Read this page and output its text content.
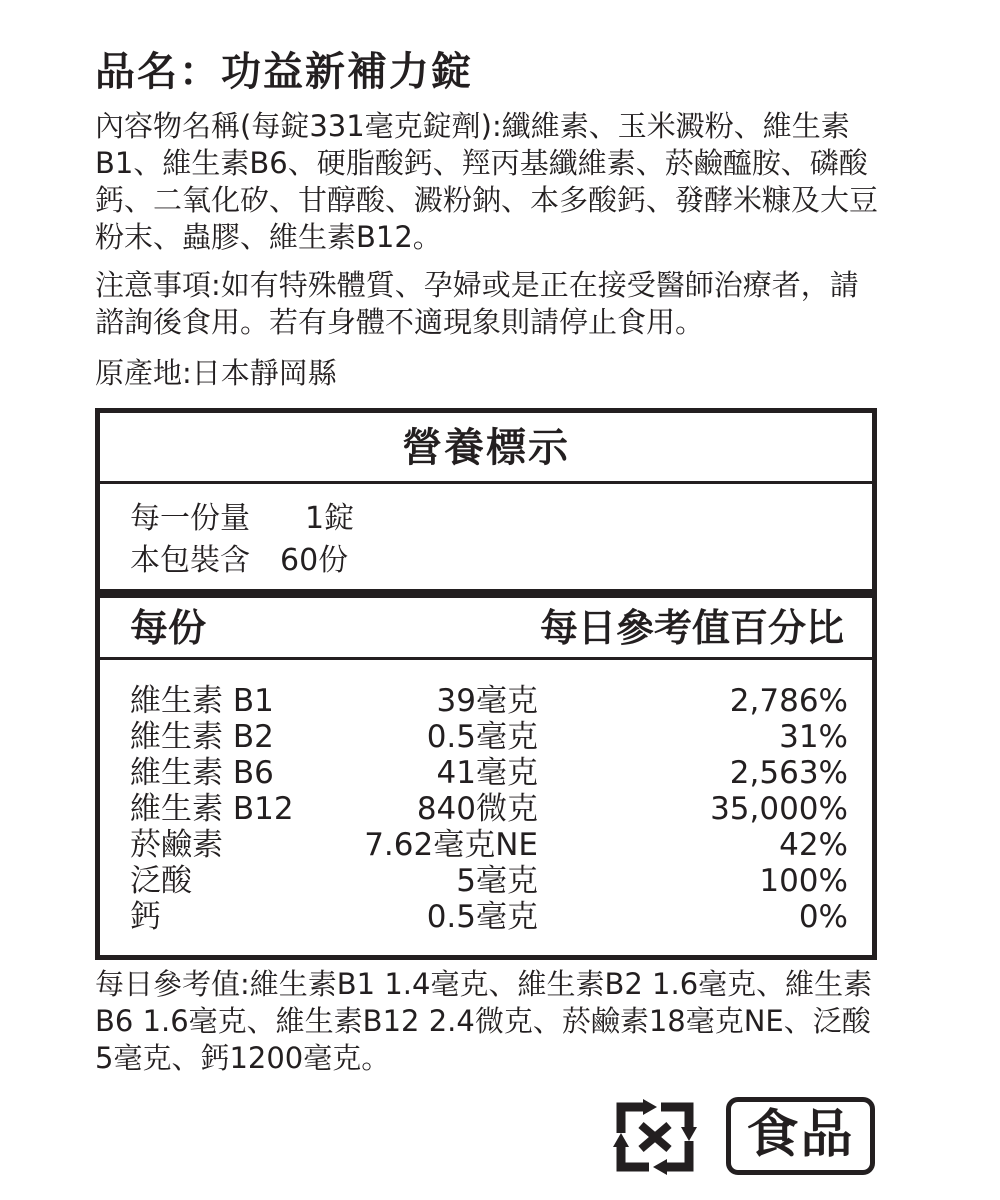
品名：功益新補力錠

內容物名稱(每錠331毫克錠劑):纖維素、玉米澱粉、維生素B1、維生素B6、硬脂酸鈣、羥丙基纖維素、菸鹼醯胺、磷酸鈣、二氧化矽、甘醇酸、澱粉鈉、本多酸鈣、發酵米糠及大豆粉末、蟲膠、維生素B12。

注意事項:如有特殊體質、孕婦或是正在接受醫師治療者，請諮詢後食用。若有身體不適現象則請停止食用。

原產地:日本靜岡縣

營養標示
每一份量 1錠
本包裝含 60份
每份	每日參考值百分比
維生素 B1	39毫克	2,786%
維生素 B2	0.5毫克	31%
維生素 B6	41毫克	2,563%
維生素 B12	840微克	35,000%
菸鹼素	7.62毫克NE	42%
泛酸	5毫克	100%
鈣	0.5毫克	0%

每日參考值:維生素B1 1.4毫克、維生素B2 1.6毫克、維生素B6 1.6毫克、維生素B12 2.4微克、菸鹼素18毫克NE、泛酸5毫克、鈣1200毫克。

食品
